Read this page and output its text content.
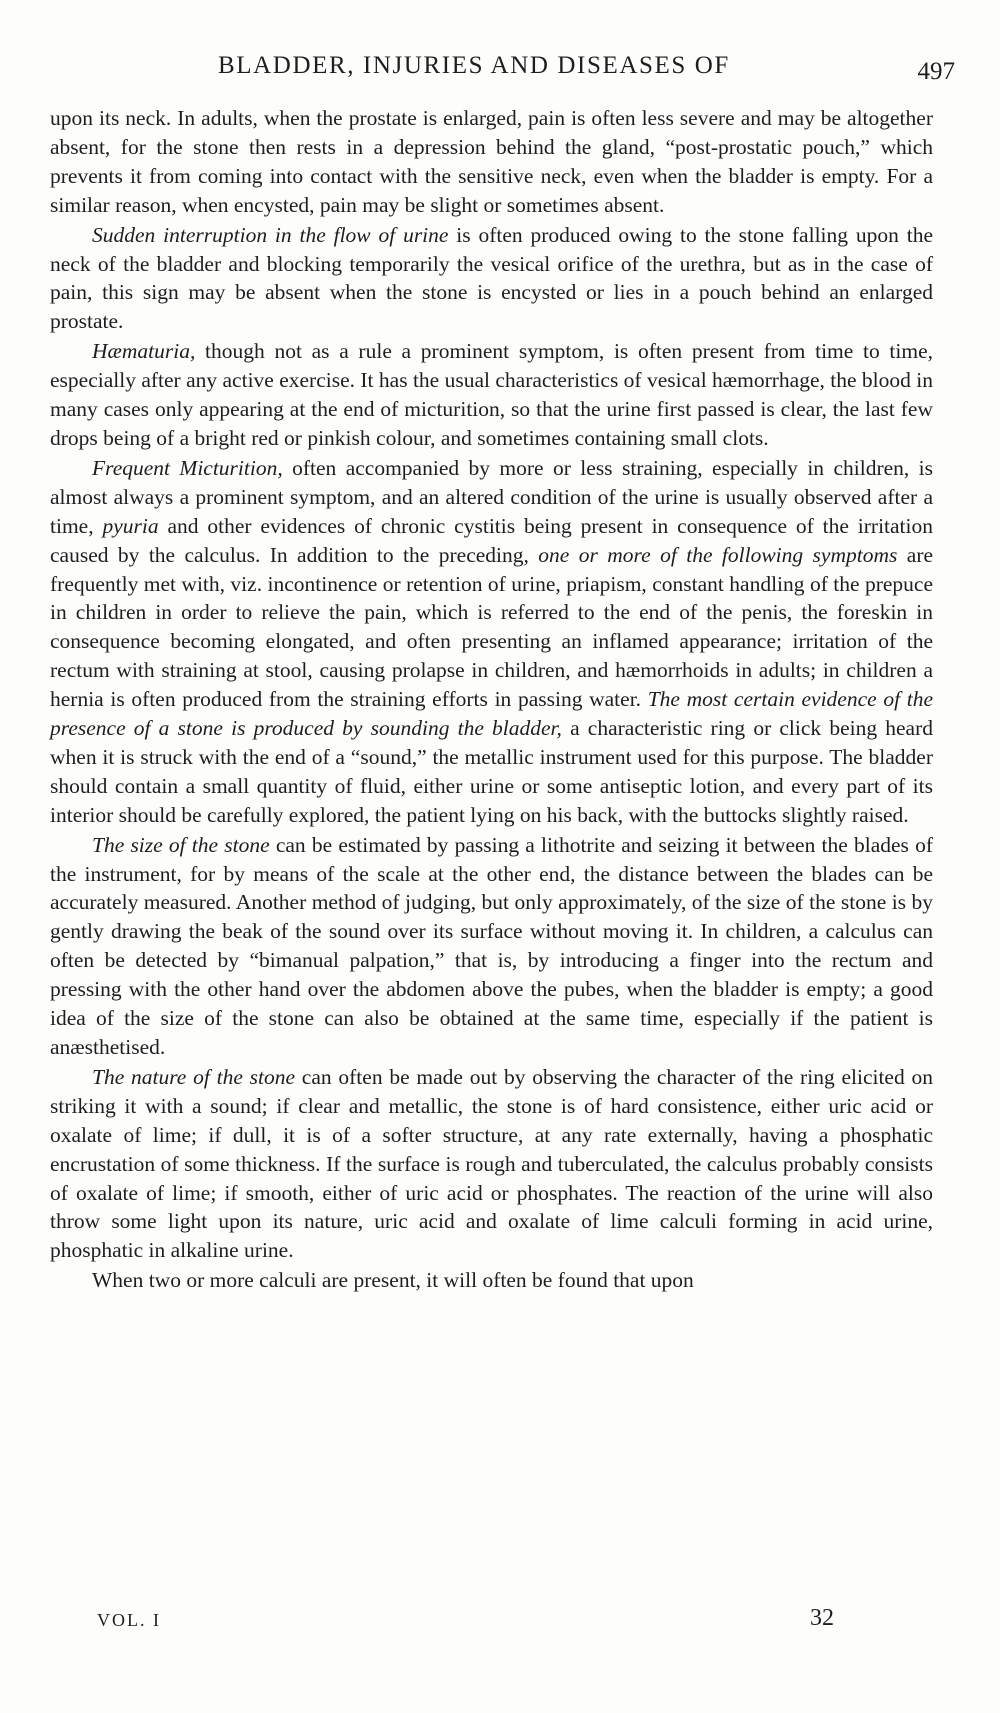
BLADDER, INJURIES AND DISEASES OF	497

upon its neck. In adults, when the prostate is enlarged, pain is often less severe and may be altogether absent, for the stone then rests in a depression behind the gland, “post-prostatic pouch,” which prevents it from coming into contact with the sensitive neck, even when the bladder is empty. For a similar reason, when encysted, pain may be slight or sometimes absent.

Sudden interruption in the flow of urine is often produced owing to the stone falling upon the neck of the bladder and blocking temporarily the vesical orifice of the urethra, but as in the case of pain, this sign may be absent when the stone is encysted or lies in a pouch behind an enlarged prostate.

Hæmaturia, though not as a rule a prominent symptom, is often present from time to time, especially after any active exercise. It has the usual characteristics of vesical hæmorrhage, the blood in many cases only appearing at the end of micturition, so that the urine first passed is clear, the last few drops being of a bright red or pinkish colour, and sometimes containing small clots.

Frequent Micturition, often accompanied by more or less straining, especially in children, is almost always a prominent symptom, and an altered condition of the urine is usually observed after a time, pyuria and other evidences of chronic cystitis being present in consequence of the irritation caused by the calculus. In addition to the preceding, one or more of the following symptoms are frequently met with, viz. incontinence or retention of urine, priapism, constant handling of the prepuce in children in order to relieve the pain, which is referred to the end of the penis, the foreskin in consequence becoming elongated, and often presenting an inflamed appearance; irritation of the rectum with straining at stool, causing prolapse in children, and hæmorrhoids in adults; in children a hernia is often produced from the straining efforts in passing water. The most certain evidence of the presence of a stone is produced by sounding the bladder, a characteristic ring or click being heard when it is struck with the end of a “sound,” the metallic instrument used for this purpose. The bladder should contain a small quantity of fluid, either urine or some antiseptic lotion, and every part of its interior should be carefully explored, the patient lying on his back, with the buttocks slightly raised.

The size of the stone can be estimated by passing a lithotrite and seizing it between the blades of the instrument, for by means of the scale at the other end, the distance between the blades can be accurately measured. Another method of judging, but only approximately, of the size of the stone is by gently drawing the beak of the sound over its surface without moving it. In children, a calculus can often be detected by “bimanual palpation,” that is, by introducing a finger into the rectum and pressing with the other hand over the abdomen above the pubes, when the bladder is empty; a good idea of the size of the stone can also be obtained at the same time, especially if the patient is anæsthetised.

The nature of the stone can often be made out by observing the character of the ring elicited on striking it with a sound; if clear and metallic, the stone is of hard consistence, either uric acid or oxalate of lime; if dull, it is of a softer structure, at any rate externally, having a phosphatic encrustation of some thickness. If the surface is rough and tuberculated, the calculus probably consists of oxalate of lime; if smooth, either of uric acid or phosphates. The reaction of the urine will also throw some light upon its nature, uric acid and oxalate of lime calculi forming in acid urine, phosphatic in alkaline urine.

When two or more calculi are present, it will often be found that upon

VOL. I	32
